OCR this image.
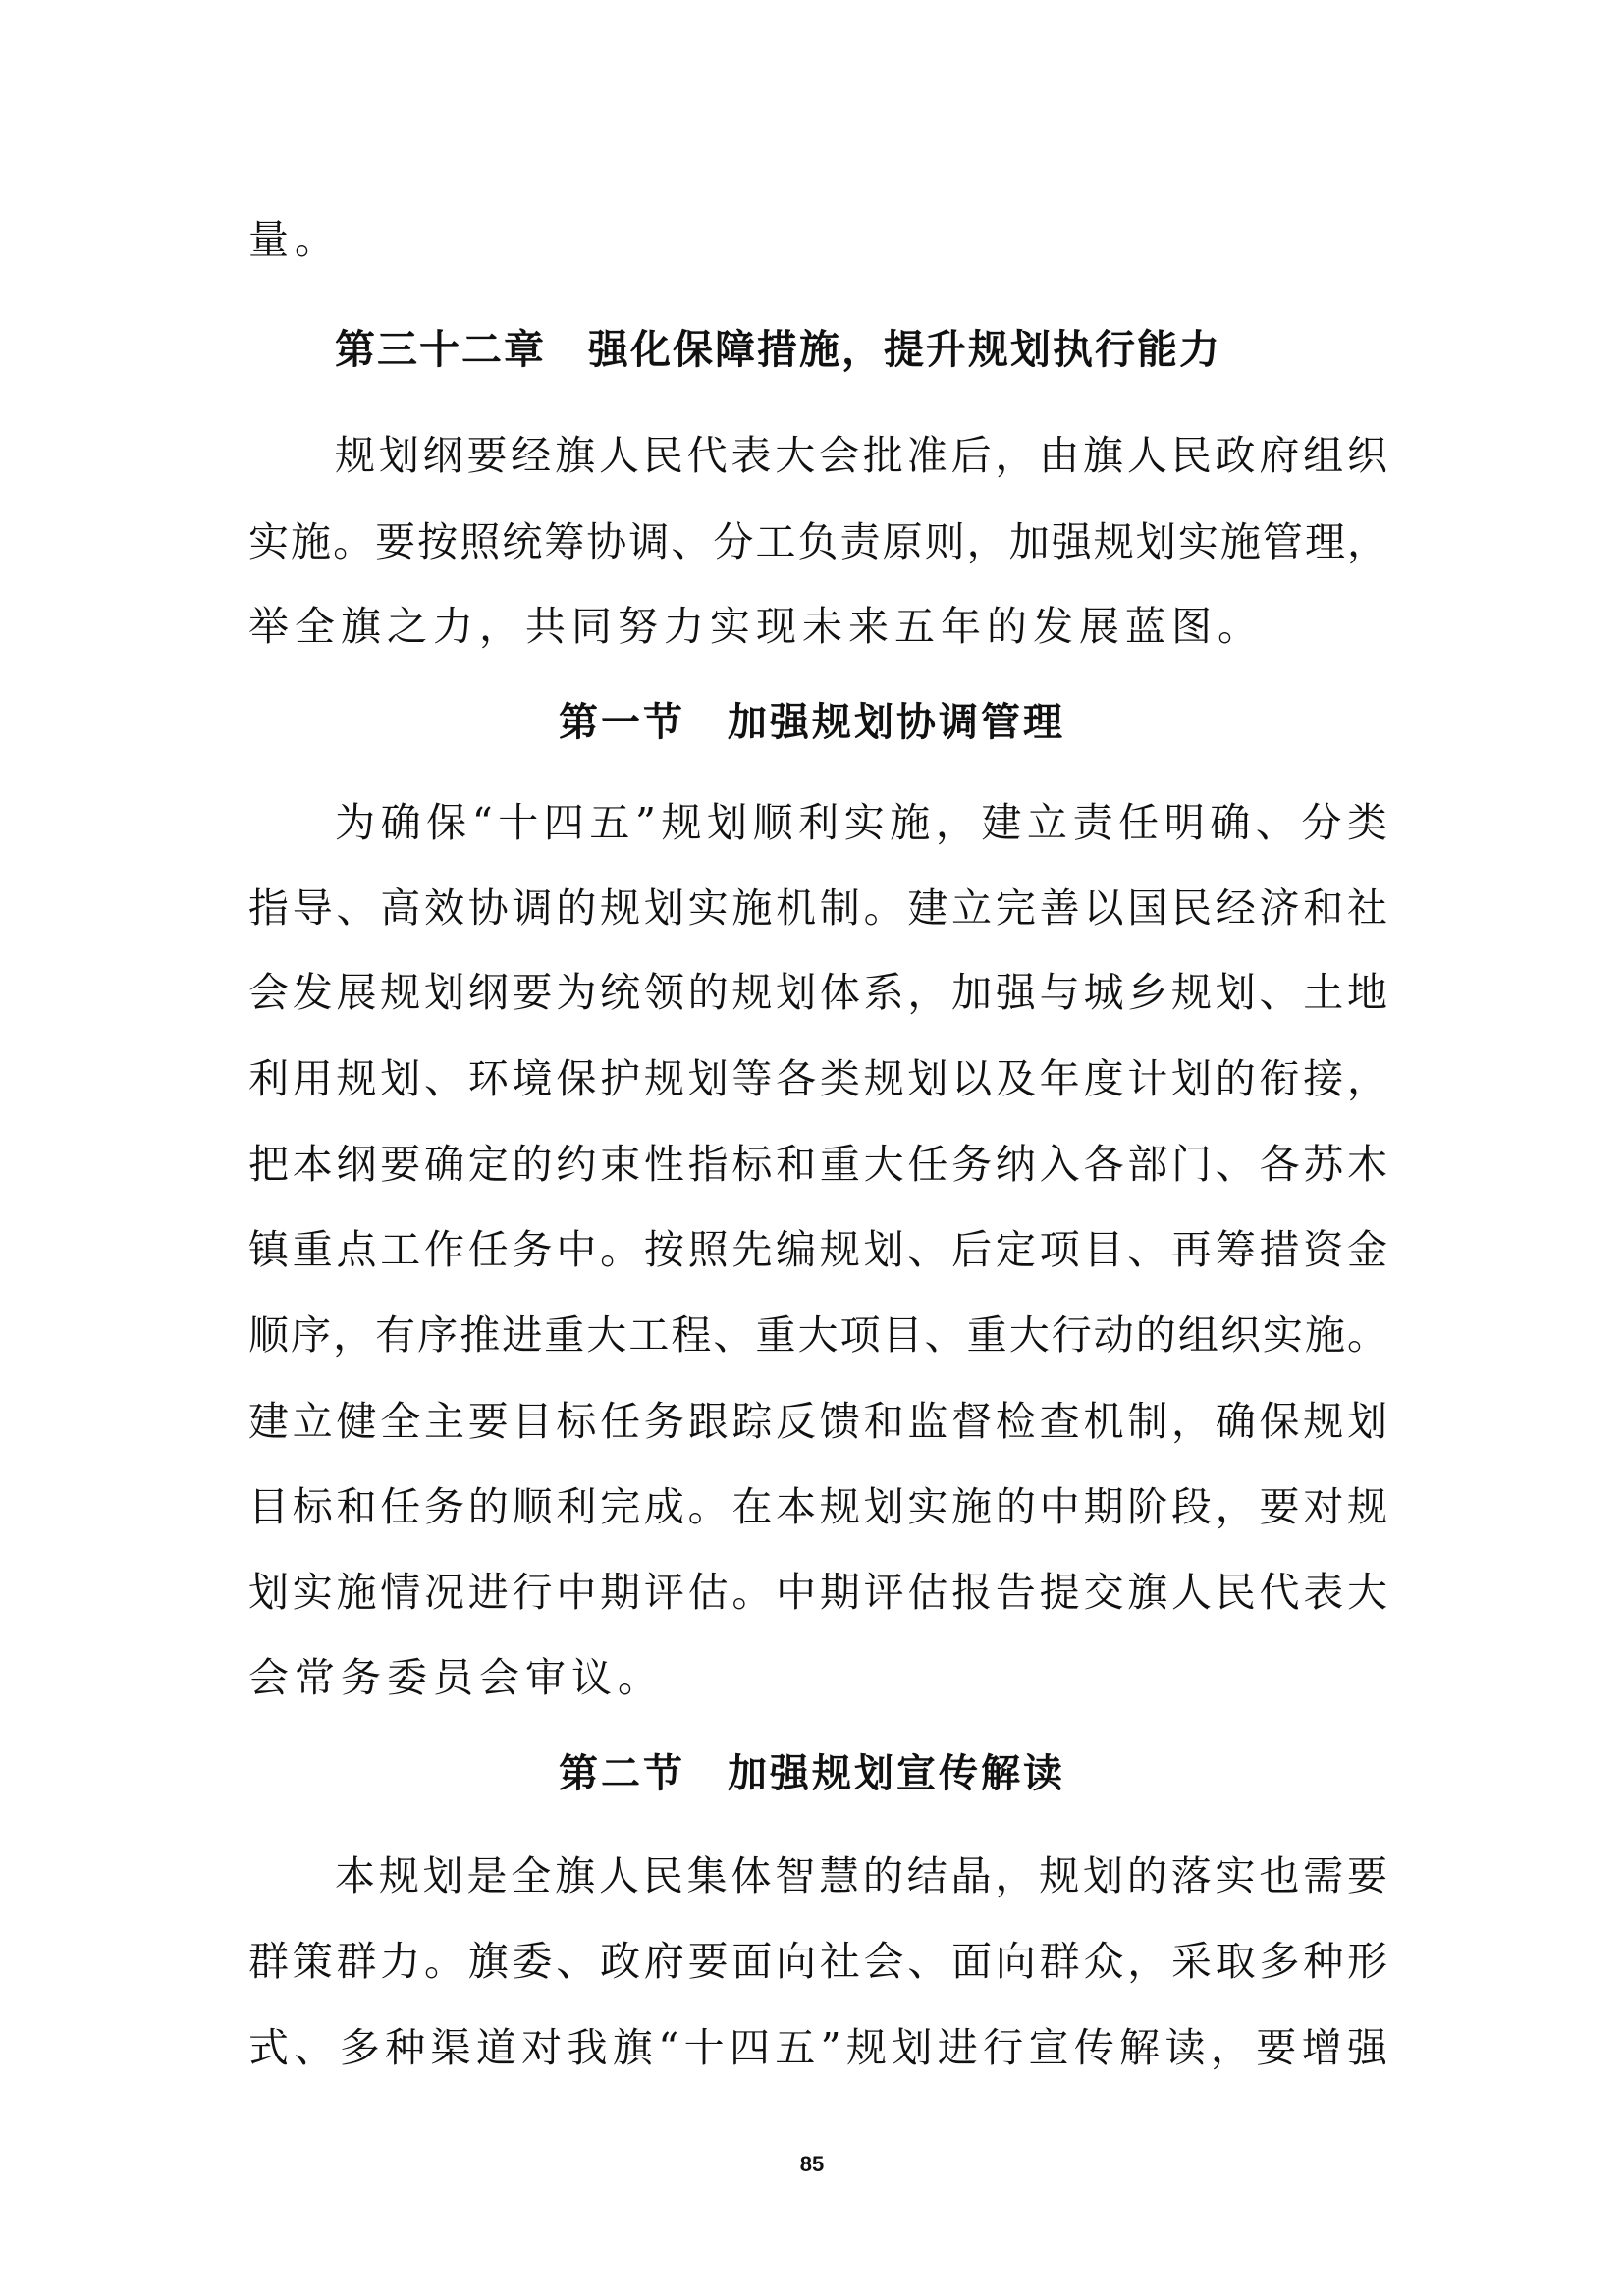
量。
第三十二章　强化保障措施，提升规划执行能力
规划纲要经旗人民代表大会批准后，由旗人民政府组织
实施。要按照统筹协调、分工负责原则，加强规划实施管理，
举全旗之力，共同努力实现未来五年的发展蓝图。
第一节　加强规划协调管理
为确保“十四五”规划顺利实施，建立责任明确、分类
指导、高效协调的规划实施机制。建立完善以国民经济和社
会发展规划纲要为统领的规划体系，加强与城乡规划、土地
利用规划、环境保护规划等各类规划以及年度计划的衔接，
把本纲要确定的约束性指标和重大任务纳入各部门、各苏木
镇重点工作任务中。按照先编规划、后定项目、再筹措资金
顺序，有序推进重大工程、重大项目、重大行动的组织实施。
建立健全主要目标任务跟踪反馈和监督检查机制，确保规划
目标和任务的顺利完成。在本规划实施的中期阶段，要对规
划实施情况进行中期评估。中期评估报告提交旗人民代表大
会常务委员会审议。
第二节　加强规划宣传解读
本规划是全旗人民集体智慧的结晶，规划的落实也需要
群策群力。旗委、政府要面向社会、面向群众，采取多种形
式、多种渠道对我旗“十四五”规划进行宣传解读，要增强
85
